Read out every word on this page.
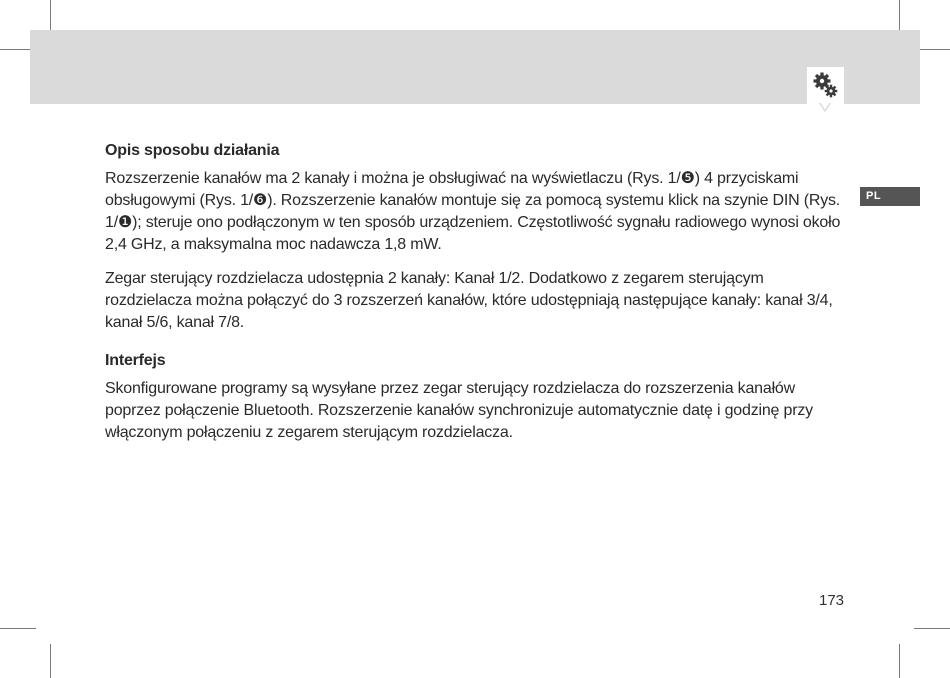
PL
Opis sposobu działania

Rozszerzenie kanałów ma 2 kanały i można je obsługiwać na wyświetlaczu (Rys. 1/❺) 4 przyciskami obsługowymi (Rys. 1/❻). Rozszerzenie kanałów montuje się za pomocą systemu klick na szynie DIN (Rys. 1/❶); steruje ono podłączonym w ten sposób urządzeniem. Częstotliwość sygnału radiowego wynosi około 2,4 GHz, a maksymalna moc nadawcza 1,8 mW.

Zegar sterujący rozdzielacza udostępnia 2 kanały: Kanał 1/2. Dodatkowo z zegarem sterującym rozdzielacza można połączyć do 3 rozszerzeń kanałów, które udostępniają następujące kanały: kanał 3/4, kanał 5/6, kanał 7/8.

Interfejs

Skonfigurowane programy są wysyłane przez zegar sterujący rozdzielacza do rozszerzenia kanałów poprzez połączenie Bluetooth. Rozszerzenie kanałów synchronizuje automatycznie datę i godzinę przy włączonym połączeniu z zegarem sterującym rozdzielacza.

173
